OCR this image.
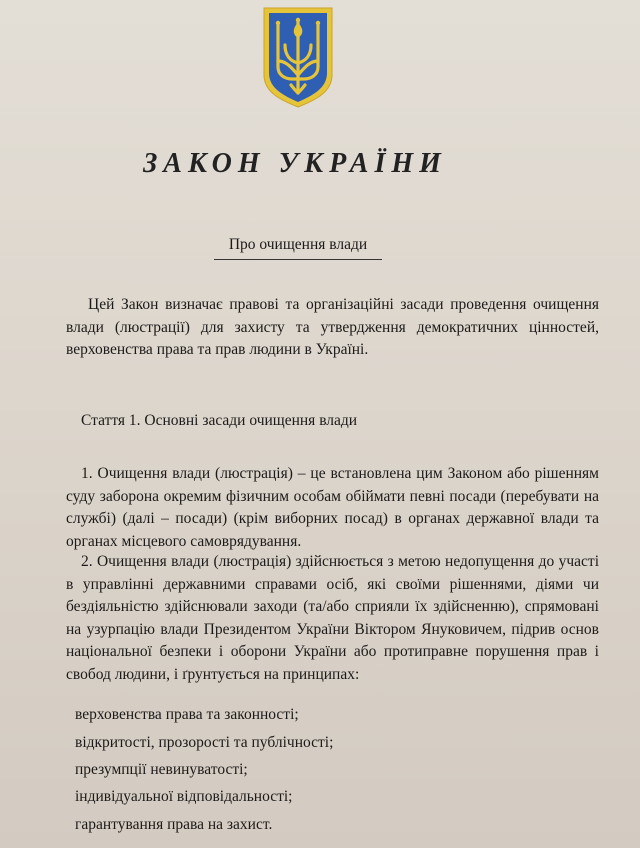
ЗАКОН УКРАЇНИ
Про очищення влади

Цей Закон визначає правові та організаційні засади проведення очищення влади (люстрації) для захисту та утвердження демократичних цінностей, верховенства права та прав людини в Україні.

Стаття 1. Основні засади очищення влади

1. Очищення влади (люстрація) – це встановлена цим Законом або рішенням суду заборона окремим фізичним особам обіймати певні посади (перебувати на службі) (далі – посади) (крім виборних посад) в органах державної влади та органах місцевого самоврядування.

2. Очищення влади (люстрація) здійснюється з метою недопущення до участі в управлінні державними справами осіб, які своїми рішеннями, діями чи бездіяльністю здійснювали заходи (та/або сприяли їх здійсненню), спрямовані на узурпацію влади Президентом України Віктором Януковичем, підрив основ національної безпеки і оборони України або протиправне порушення прав і свобод людини, і ґрунтується на принципах:

верховенства права та законності;
відкритості, прозорості та публічності;
презумпції невинуватості;
індивідуальної відповідальності;
гарантування права на захист.
